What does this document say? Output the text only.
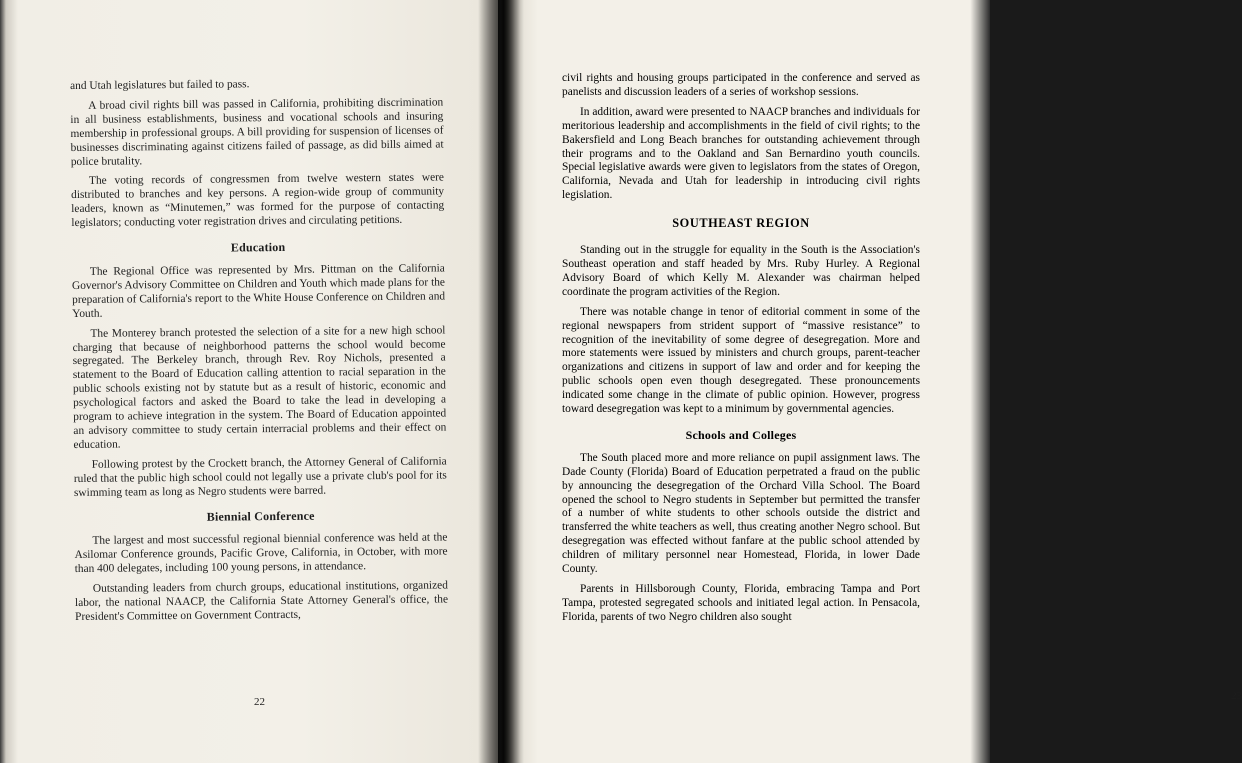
and Utah legislatures but failed to pass.

A broad civil rights bill was passed in California, prohibiting discrimination in all business establishments, business and vocational schools and insuring membership in professional groups. A bill providing for suspension of licenses of businesses discriminating against citizens failed of passage, as did bills aimed at police brutality.

The voting records of congressmen from twelve western states were distributed to branches and key persons. A region-wide group of community leaders, known as “Minutemen,” was formed for the purpose of contacting legislators; conducting voter registration drives and circulating petitions.

Education

The Regional Office was represented by Mrs. Pittman on the California Governor's Advisory Committee on Children and Youth which made plans for the preparation of California's report to the White House Conference on Children and Youth.

The Monterey branch protested the selection of a site for a new high school charging that because of neighborhood patterns the school would become segregated. The Berkeley branch, through Rev. Roy Nichols, presented a statement to the Board of Education calling attention to racial separation in the public schools existing not by statute but as a result of historic, economic and psychological factors and asked the Board to take the lead in developing a program to achieve integration in the system. The Board of Education appointed an advisory committee to study certain interracial problems and their effect on education.

Following protest by the Crockett branch, the Attorney General of California ruled that the public high school could not legally use a private club's pool for its swimming team as long as Negro students were barred.

Biennial Conference

The largest and most successful regional biennial conference was held at the Asilomar Conference grounds, Pacific Grove, California, in October, with more than 400 delegates, including 100 young persons, in attendance.

Outstanding leaders from church groups, educational institutions, organized labor, the national NAACP, the California State Attorney General's office, the President's Committee on Government Contracts,

22	23

civil rights and housing groups participated in the conference and served as panelists and discussion leaders of a series of workshop sessions.

In addition, award were presented to NAACP branches and individuals for meritorious leadership and accomplishments in the field of civil rights; to the Bakersfield and Long Beach branches for outstanding achievement through their programs and to the Oakland and San Bernardino youth councils. Special legislative awards were given to legislators from the states of Oregon, California, Nevada and Utah for leadership in introducing civil rights legislation.

SOUTHEAST REGION

Standing out in the struggle for equality in the South is the Association's Southeast operation and staff headed by Mrs. Ruby Hurley. A Regional Advisory Board of which Kelly M. Alexander was chairman helped coordinate the program activities of the Region.

There was notable change in tenor of editorial comment in some of the regional newspapers from strident support of “massive resistance” to recognition of the inevitability of some degree of desegregation. More and more statements were issued by ministers and church groups, parent-teacher organizations and citizens in support of law and order and for keeping the public schools open even though desegregated. These pronouncements indicated some change in the climate of public opinion. However, progress toward desegregation was kept to a minimum by governmental agencies.

Schools and Colleges

The South placed more and more reliance on pupil assignment laws. The Dade County (Florida) Board of Education perpetrated a fraud on the public by announcing the desegregation of the Orchard Villa School. The Board opened the school to Negro students in September but permitted the transfer of a number of white students to other schools outside the district and transferred the white teachers as well, thus creating another Negro school. But desegregation was effected without fanfare at the public school attended by children of military personnel near Homestead, Florida, in lower Dade County.

Parents in Hillsborough County, Florida, embracing Tampa and Port Tampa, protested segregated schools and initiated legal action. In Pensacola, Florida, parents of two Negro children also sought
